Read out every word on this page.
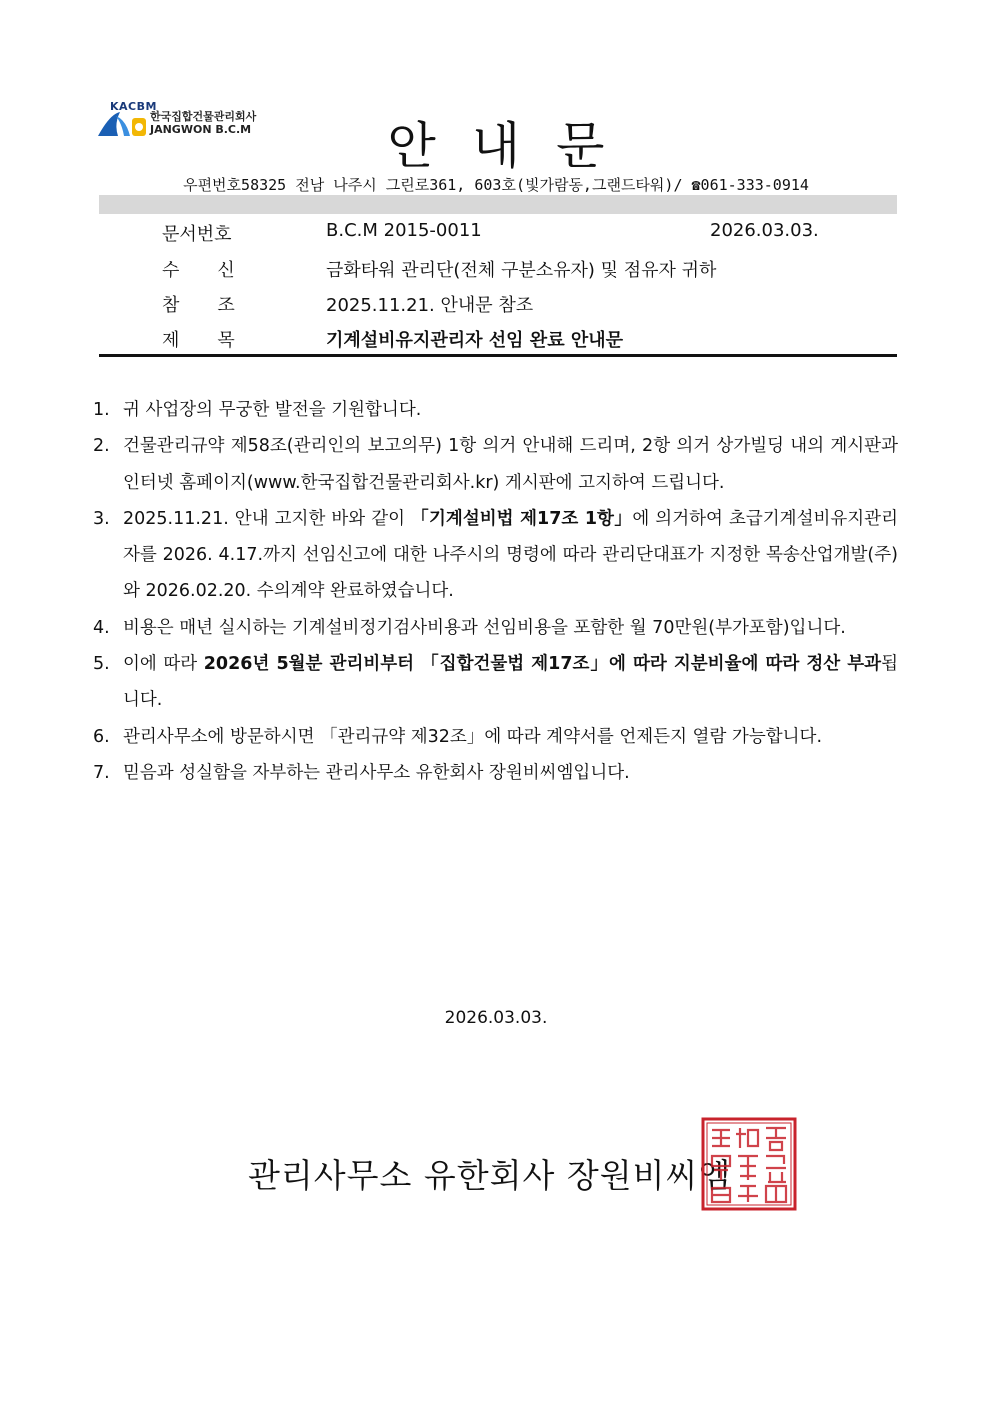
KACBM
한국집합건물관리회사
JANGWON B.C.M	안내문
우편번호58325 전남 나주시 그린로361, 603호(빛가람동,그랜드타워)/ ☎061-333-0914
문서번호	B.C.M 2015-0011	2026.03.03.
수신	금화타워 관리단(전체 구분소유자) 및 점유자 귀하
참조	2025.11.21. 안내문 참조
제목	기계설비유지관리자 선임 완료 안내문
1. 귀 사업장의 무궁한 발전을 기원합니다.
2. 건물관리규약 제58조(관리인의 보고의무) 1항 의거 안내해 드리며, 2항 의거 상가빌딩 내의 게시판과 인터넷 홈페이지(www.한국집합건물관리회사.kr) 게시판에 고지하여 드립니다.
3. 2025.11.21. 안내 고지한 바와 같이 「기계설비법 제17조 1항」에 의거하여 초급기계설비유지관리자를 2026. 4.17.까지 선임신고에 대한 나주시의 명령에 따라 관리단대표가 지정한 목송산업개발(주)와 2026.02.20. 수의계약 완료하였습니다.
4. 비용은 매년 실시하는 기계설비정기검사비용과 선임비용을 포함한 월 70만원(부가포함)입니다.
5. 이에 따라 2026년 5월분 관리비부터 「집합건물법 제17조」에 따라 지분비율에 따라 정산 부과됩니다.
6. 관리사무소에 방문하시면 「관리규약 제32조」에 따라 계약서를 언제든지 열람 가능합니다.
7. 믿음과 성실함을 자부하는 관리사무소 유한회사 장원비씨엠입니다.
2026.03.03.
관리사무소 유한회사 장원비씨엠
